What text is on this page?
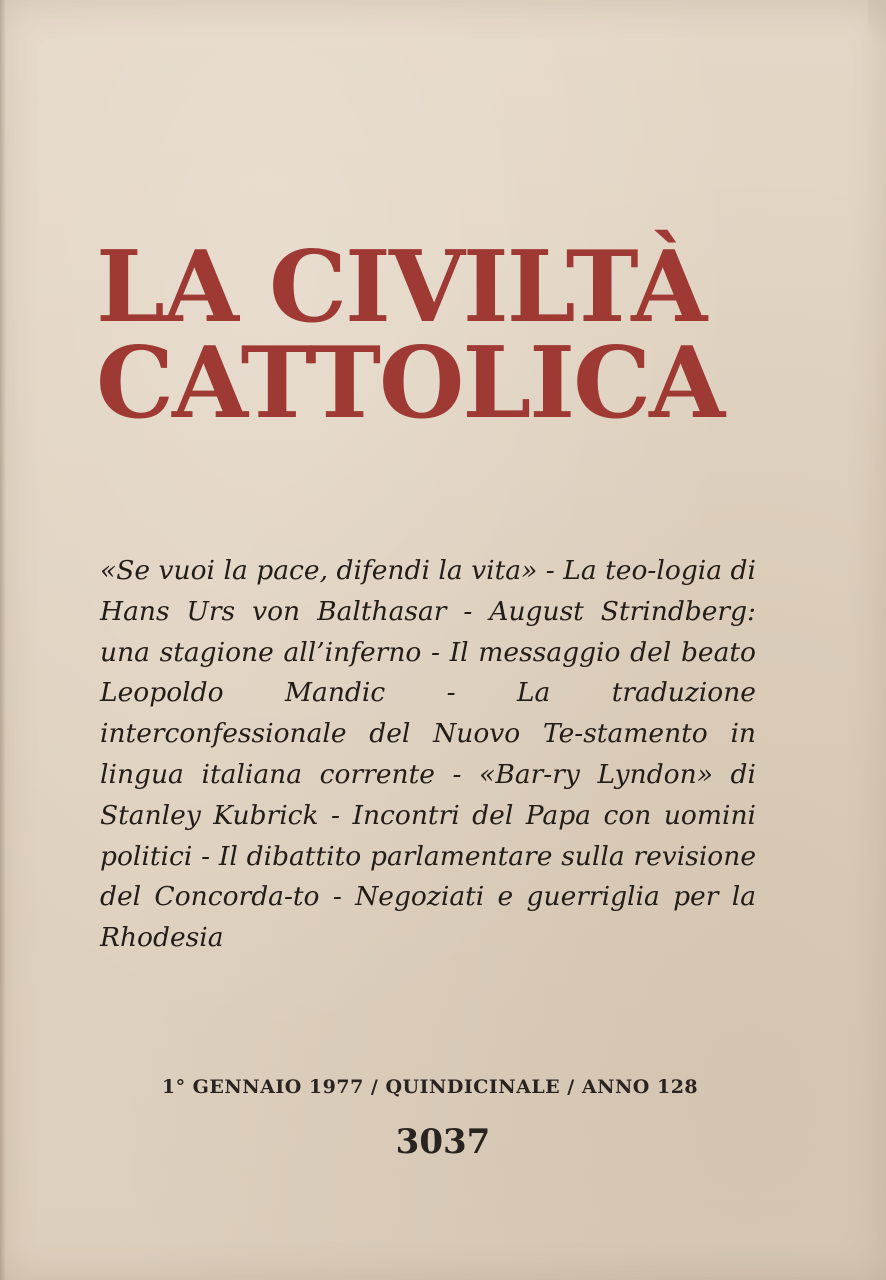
LA CIVILTÀ
CATTOLICA

«Se vuoi la pace, difendi la vita» - La teo-logia di Hans Urs von Balthasar - August Strindberg: una stagione all’inferno - Il messaggio del beato Leopoldo Mandic - La traduzione interconfessionale del Nuovo Te-stamento in lingua italiana corrente - «Bar-ry Lyndon» di Stanley Kubrick - Incontri del Papa con uomini politici - Il dibattito parlamentare sulla revisione del Concorda-to - Negoziati e guerriglia per la Rhodesia

1° GENNAIO 1977 / QUINDICINALE / ANNO 128

3037
